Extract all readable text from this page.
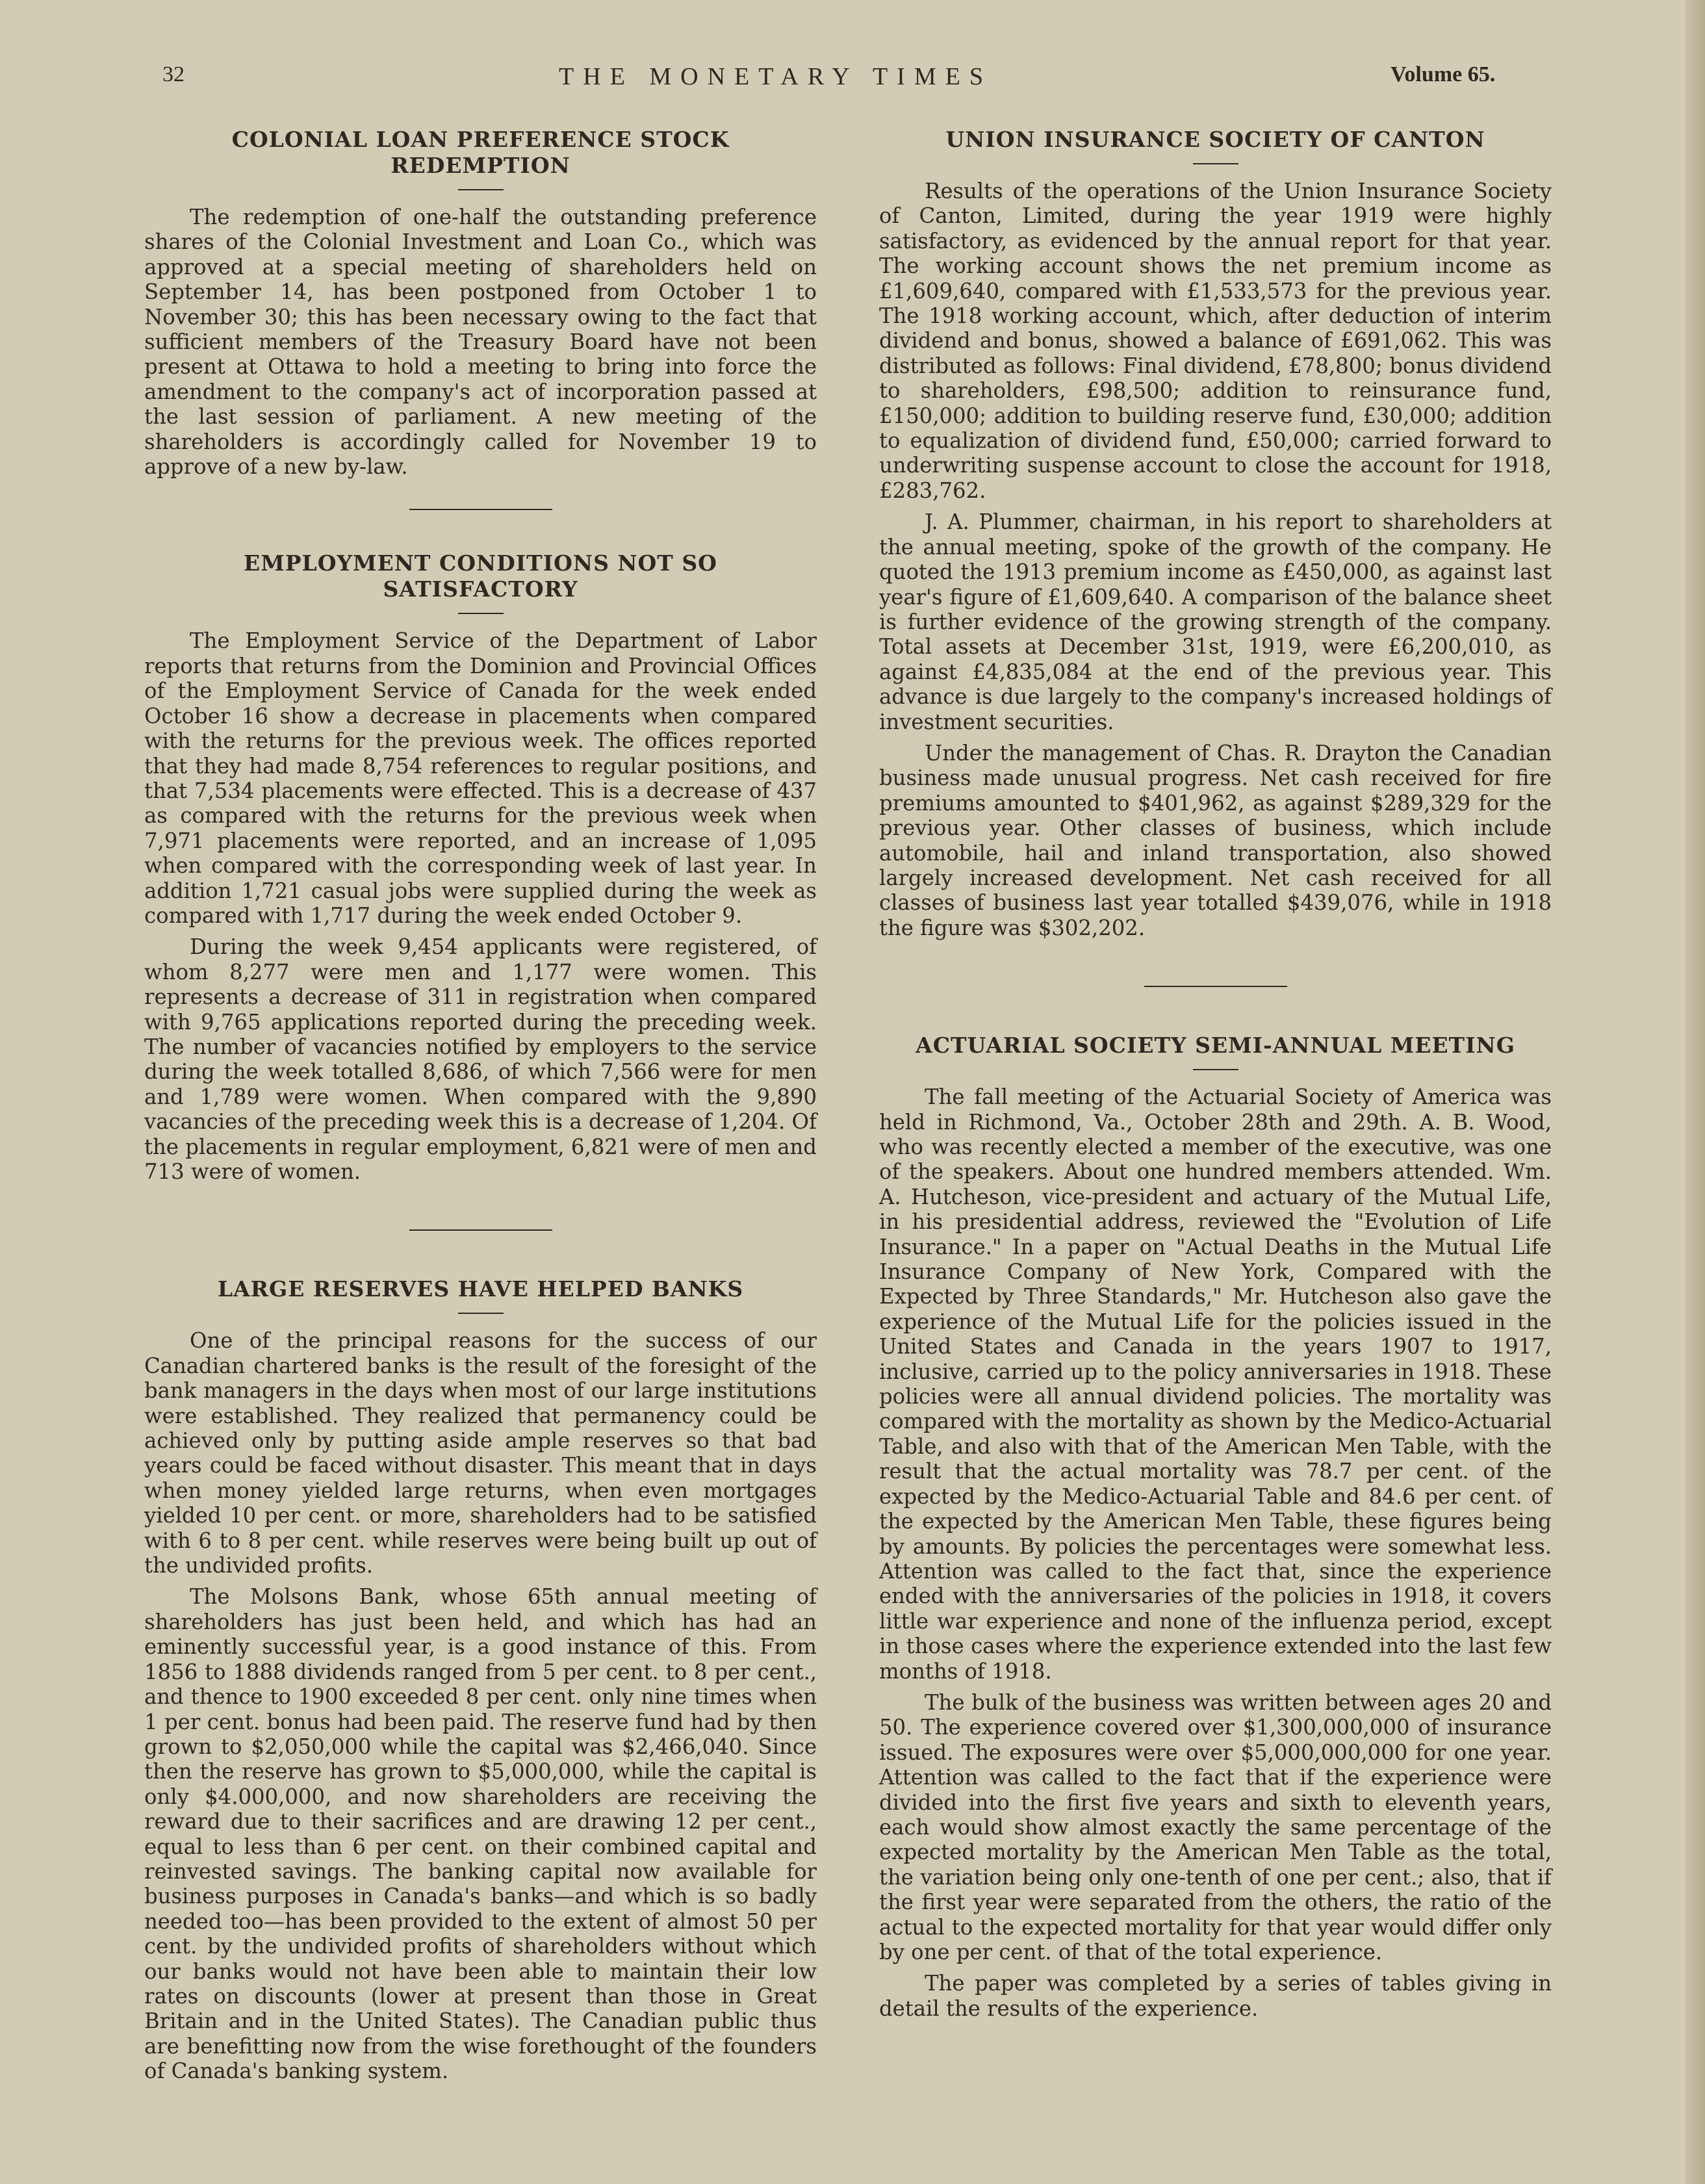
32	THE MONETARY TIMES	Volume 65.
COLONIAL LOAN PREFERENCE STOCK REDEMPTION

The redemption of one-half the outstanding preference shares of the Colonial Investment and Loan Co., which was approved at a special meeting of shareholders held on September 14, has been postponed from October 1 to November 30; this has been necessary owing to the fact that sufficient members of the Treasury Board have not been present at Ottawa to hold a meeting to bring into force the amendment to the company's act of incorporation passed at the last session of parliament. A new meeting of the shareholders is accordingly called for November 19 to approve of a new by-law.

EMPLOYMENT CONDITIONS NOT SO SATISFACTORY

The Employment Service of the Department of Labor reports that returns from the Dominion and Provincial Offices of the Employment Service of Canada for the week ended October 16 show a decrease in placements when compared with the returns for the previous week. The offices reported that they had made 8,754 references to regular positions, and that 7,534 placements were effected. This is a decrease of 437 as compared with the returns for the previous week when 7,971 placements were reported, and an increase of 1,095 when compared with the corresponding week of last year. In addition 1,721 casual jobs were supplied during the week as compared with 1,717 during the week ended October 9.

During the week 9,454 applicants were registered, of whom 8,277 were men and 1,177 were women. This represents a decrease of 311 in registration when compared with 9,765 applications reported during the preceding week. The number of vacancies notified by employers to the service during the week totalled 8,686, of which 7,566 were for men and 1,789 were women. When compared with the 9,890 vacancies of the preceding week this is a decrease of 1,204. Of the placements in regular employment, 6,821 were of men and 713 were of women.

LARGE RESERVES HAVE HELPED BANKS

One of the principal reasons for the success of our Canadian chartered banks is the result of the foresight of the bank managers in the days when most of our large institutions were established. They realized that permanency could be achieved only by putting aside ample reserves so that bad years could be faced without disaster. This meant that in days when money yielded large returns, when even mortgages yielded 10 per cent. or more, shareholders had to be satisfied with 6 to 8 per cent. while reserves were being built up out of the undivided profits.

The Molsons Bank, whose 65th annual meeting of shareholders has just been held, and which has had an eminently successful year, is a good instance of this. From 1856 to 1888 dividends ranged from 5 per cent. to 8 per cent., and thence to 1900 exceeded 8 per cent. only nine times when 1 per cent. bonus had been paid. The reserve fund had by then grown to $2,050,000 while the capital was $2,466,040. Since then the reserve has grown to $5,000,000, while the capital is only $4.000,000, and now shareholders are receiving the reward due to their sacrifices and are drawing 12 per cent., equal to less than 6 per cent. on their combined capital and reinvested savings. The banking capital now available for business purposes in Canada's banks—and which is so badly needed too—has been provided to the extent of almost 50 per cent. by the undivided profits of shareholders without which our banks would not have been able to maintain their low rates on discounts (lower at present than those in Great Britain and in the United States). The Canadian public thus are benefitting now from the wise forethought of the founders of Canada's banking system.

UNION INSURANCE SOCIETY OF CANTON

Results of the operations of the Union Insurance Society of Canton, Limited, during the year 1919 were highly satisfactory, as evidenced by the annual report for that year. The working account shows the net premium income as £1,609,640, compared with £1,533,573 for the previous year. The 1918 working account, which, after deduction of interim dividend and bonus, showed a balance of £691,062. This was distributed as follows: Final dividend, £78,800; bonus dividend to shareholders, £98,500; addition to reinsurance fund, £150,000; addition to building reserve fund, £30,000; addition to equalization of dividend fund, £50,000; carried forward to underwriting suspense account to close the account for 1918, £283,762.

J. A. Plummer, chairman, in his report to shareholders at the annual meeting, spoke of the growth of the company. He quoted the 1913 premium income as £450,000, as against last year's figure of £1,609,640. A comparison of the balance sheet is further evidence of the growing strength of the company. Total assets at December 31st, 1919, were £6,200,010, as against £4,835,084 at the end of the previous year. This advance is due largely to the company's increased holdings of investment securities.

Under the management of Chas. R. Drayton the Canadian business made unusual progress. Net cash received for fire premiums amounted to $401,962, as against $289,329 for the previous year. Other classes of business, which include automobile, hail and inland transportation, also showed largely increased development. Net cash received for all classes of business last year totalled $439,076, while in 1918 the figure was $302,202.

ACTUARIAL SOCIETY SEMI-ANNUAL MEETING

The fall meeting of the Actuarial Society of America was held in Richmond, Va., October 28th and 29th. A. B. Wood, who was recently elected a member of the executive, was one of the speakers. About one hundred members attended. Wm. A. Hutcheson, vice-president and actuary of the Mutual Life, in his presidential address, reviewed the "Evolution of Life Insurance." In a paper on "Actual Deaths in the Mutual Life Insurance Company of New York, Compared with the Expected by Three Standards," Mr. Hutcheson also gave the experience of the Mutual Life for the policies issued in the United States and Canada in the years 1907 to 1917, inclusive, carried up to the policy anniversaries in 1918. These policies were all annual dividend policies. The mortality was compared with the mortality as shown by the Medico-Actuarial Table, and also with that of the American Men Table, with the result that the actual mortality was 78.7 per cent. of the expected by the Medico-Actuarial Table and 84.6 per cent. of the expected by the American Men Table, these figures being by amounts. By policies the percentages were somewhat less. Attention was called to the fact that, since the experience ended with the anniversaries of the policies in 1918, it covers little war experience and none of the influenza period, except in those cases where the experience extended into the last few months of 1918.

The bulk of the business was written between ages 20 and 50. The experience covered over $1,300,000,000 of insurance issued. The exposures were over $5,000,000,000 for one year. Attention was called to the fact that if the experience were divided into the first five years and sixth to eleventh years, each would show almost exactly the same percentage of the expected mortality by the American Men Table as the total, the variation being only one-tenth of one per cent.; also, that if the first year were separated from the others, the ratio of the actual to the expected mortality for that year would differ only by one per cent. of that of the total experience.

The paper was completed by a series of tables giving in detail the results of the experience.
